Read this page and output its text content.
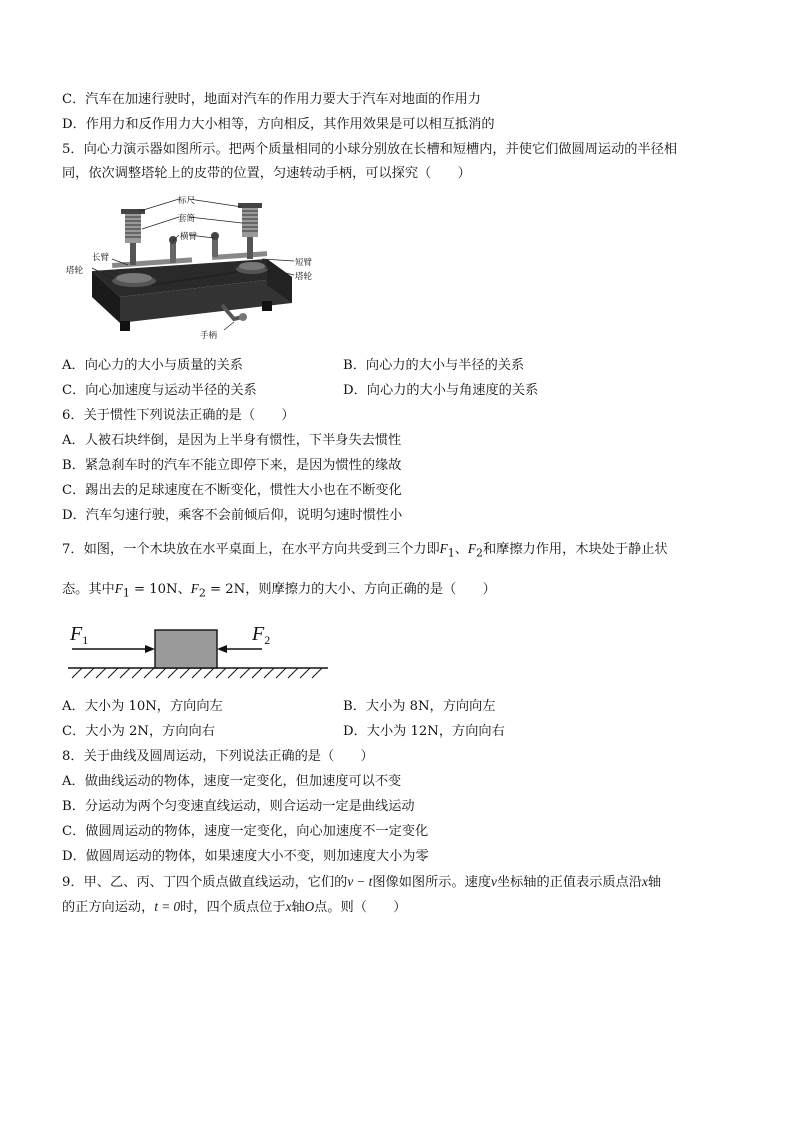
C．汽车在加速行驶时，地面对汽车的作用力要大于汽车对地面的作用力
D．作用力和反作用力大小相等，方向相反，其作用效果是可以相互抵消的
5．向心力演示器如图所示。把两个质量相同的小球分别放在长槽和短槽内，并使它们做圆周运动的半径相
同，依次调整塔轮上的皮带的位置，匀速转动手柄，可以探究（　　）
标尺
套筒
横臂
长臂
塔轮
短臂
塔轮
手柄
A．向心力的大小与质量的关系	B．向心力的大小与半径的关系
C．向心加速度与运动半径的关系	D．向心力的大小与角速度的关系
6．关于惯性下列说法正确的是（　　）
A．人被石块绊倒，是因为上半身有惯性，下半身失去惯性
B．紧急刹车时的汽车不能立即停下来，是因为惯性的缘故
C．踢出去的足球速度在不断变化，惯性大小也在不断变化
D．汽车匀速行驶，乘客不会前倾后仰，说明匀速时惯性小
7．如图，一个木块放在水平桌面上，在水平方向共受到三个力即$F_1$、$F_2$和摩擦力作用，木块处于静止状
态。其中$F_1 = 10N$、$F_2 = 2N$，则摩擦力的大小、方向正确的是（　　）
$F_1$	$F_2$
A．大小为 10N，方向向左	B．大小为 8N，方向向左
C．大小为 2N，方向向右	D．大小为 12N，方向向右
8．关于曲线及圆周运动，下列说法正确的是（　　）
A．做曲线运动的物体，速度一定变化，但加速度可以不变
B．分运动为两个匀变速直线运动，则合运动一定是曲线运动
C．做圆周运动的物体，速度一定变化，向心加速度不一定变化
D．做圆周运动的物体，如果速度大小不变，则加速度大小为零
9．甲、乙、丙、丁四个质点做直线运动，它们的v − t图像如图所示。速度v坐标轴的正值表示质点沿x轴
的正方向运动，t = 0时，四个质点位于x轴O点。则（　　）
